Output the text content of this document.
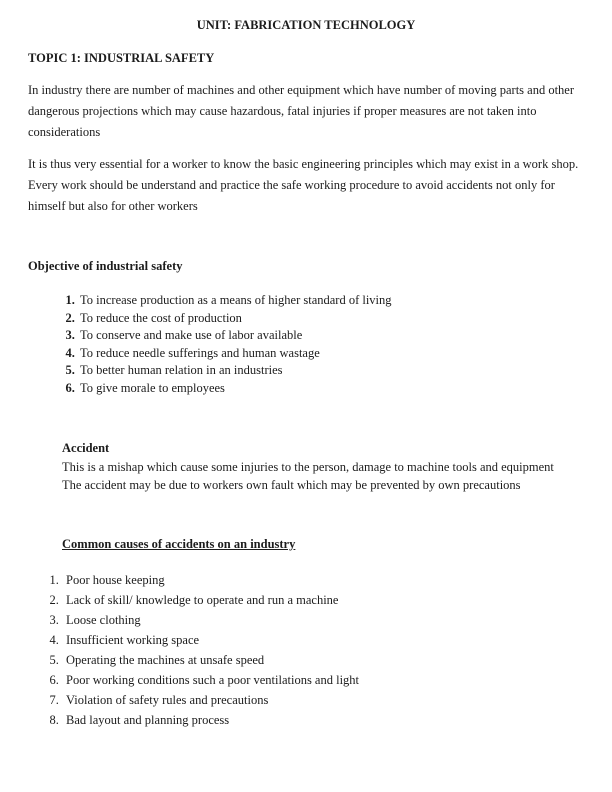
UNIT: FABRICATION TECHNOLOGY
TOPIC 1: INDUSTRIAL SAFETY

In industry there are number of machines and other equipment which have number of moving parts and other dangerous projections which may cause hazardous, fatal injuries if proper measures are not taken into considerations

It is thus very essential for a worker to know the basic engineering principles which may exist in a work shop. Every work should be understand and practice the safe working procedure to avoid accidents not only for himself but also for other workers

Objective of industrial safety
1. To increase production as a means of higher standard of living
2. To reduce the cost of production
3. To conserve and make use of labor available
4. To reduce needle sufferings and human wastage
5. To better human relation in an industries
6. To give morale to employees

Accident

This is a mishap which cause some injuries to the person, damage to machine tools and equipment

The accident may be due to workers own fault which may be prevented by own precautions

Common causes of accidents on an industry
1. Poor house keeping
2. Lack of skill/ knowledge to operate and run a machine
3. Loose clothing
4. Insufficient working space
5. Operating the machines at unsafe speed
6. Poor working conditions such a poor ventilations and light
7. Violation of safety rules and precautions
8. Bad layout and planning process
